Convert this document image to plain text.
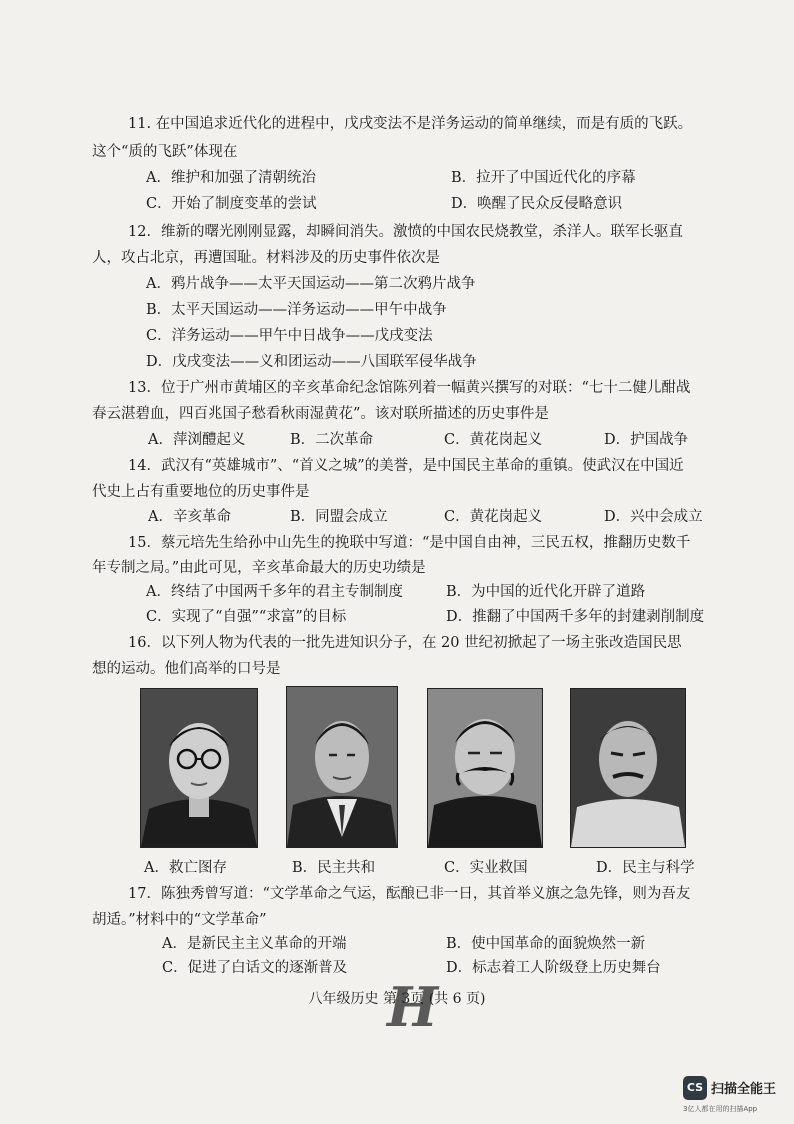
11. 在中国追求近代化的进程中，戊戌变法不是洋务运动的简单继续，而是有质的飞跃。
这个“质的飞跃”体现在
A．维护和加强了清朝统治	B．拉开了中国近代化的序幕
C．开始了制度变革的尝试	D．唤醒了民众反侵略意识
12．维新的曙光刚刚显露，却瞬间消失。激愤的中国农民烧教堂，杀洋人。联军长驱直
人，攻占北京，再遭国耻。材料涉及的历史事件依次是
A．鸦片战争——太平天国运动——第二次鸦片战争
B．太平天国运动——洋务运动——甲午中战争
C．洋务运动——甲午中日战争——戊戌变法
D．戊戌变法——义和团运动——八国联军侵华战争
13．位于广州市黄埔区的辛亥革命纪念馆陈列着一幅黄兴撰写的对联：“七十二健儿酣战
春云湛碧血，四百兆国子愁看秋雨湿黄花”。该对联所描述的历史事件是
A．萍浏醴起义	B．二次革命	C．黄花岗起义	D．护国战争
14．武汉有“英雄城市”、“首义之城”的美誉，是中国民主革命的重镇。使武汉在中国近
代史上占有重要地位的历史事件是
A．辛亥革命	B．同盟会成立	C．黄花岗起义	D．兴中会成立
15．蔡元培先生给孙中山先生的挽联中写道：“是中国自由神，三民五权，推翻历史数千
年专制之局。”由此可见，辛亥革命最大的历史功绩是
A．终结了中国两千多年的君主专制制度	B．为中国的近代化开辟了道路
C．实现了“自强”“求富”的目标	D．推翻了中国两千多年的封建剥削制度
16．以下列人物为代表的一批先进知识分子，在 20 世纪初掀起了一场主张改造国民思
想的运动。他们高举的口号是
A．救亡图存	B．民主共和	C．实业救国	D．民主与科学
17．陈独秀曾写道：“文学革命之气运，酝酿已非一日，其首举义旗之急先锋，则为吾友
胡适。”材料中的“文学革命”
A．是新民主主义革命的开端	B．使中国革命的面貌焕然一新
C．促进了白话文的逐渐普及	D．标志着工人阶级登上历史舞台
H
八年级历史 第 3页 (共 6 页)
CS 扫描全能王
3亿人都在用的扫描App
